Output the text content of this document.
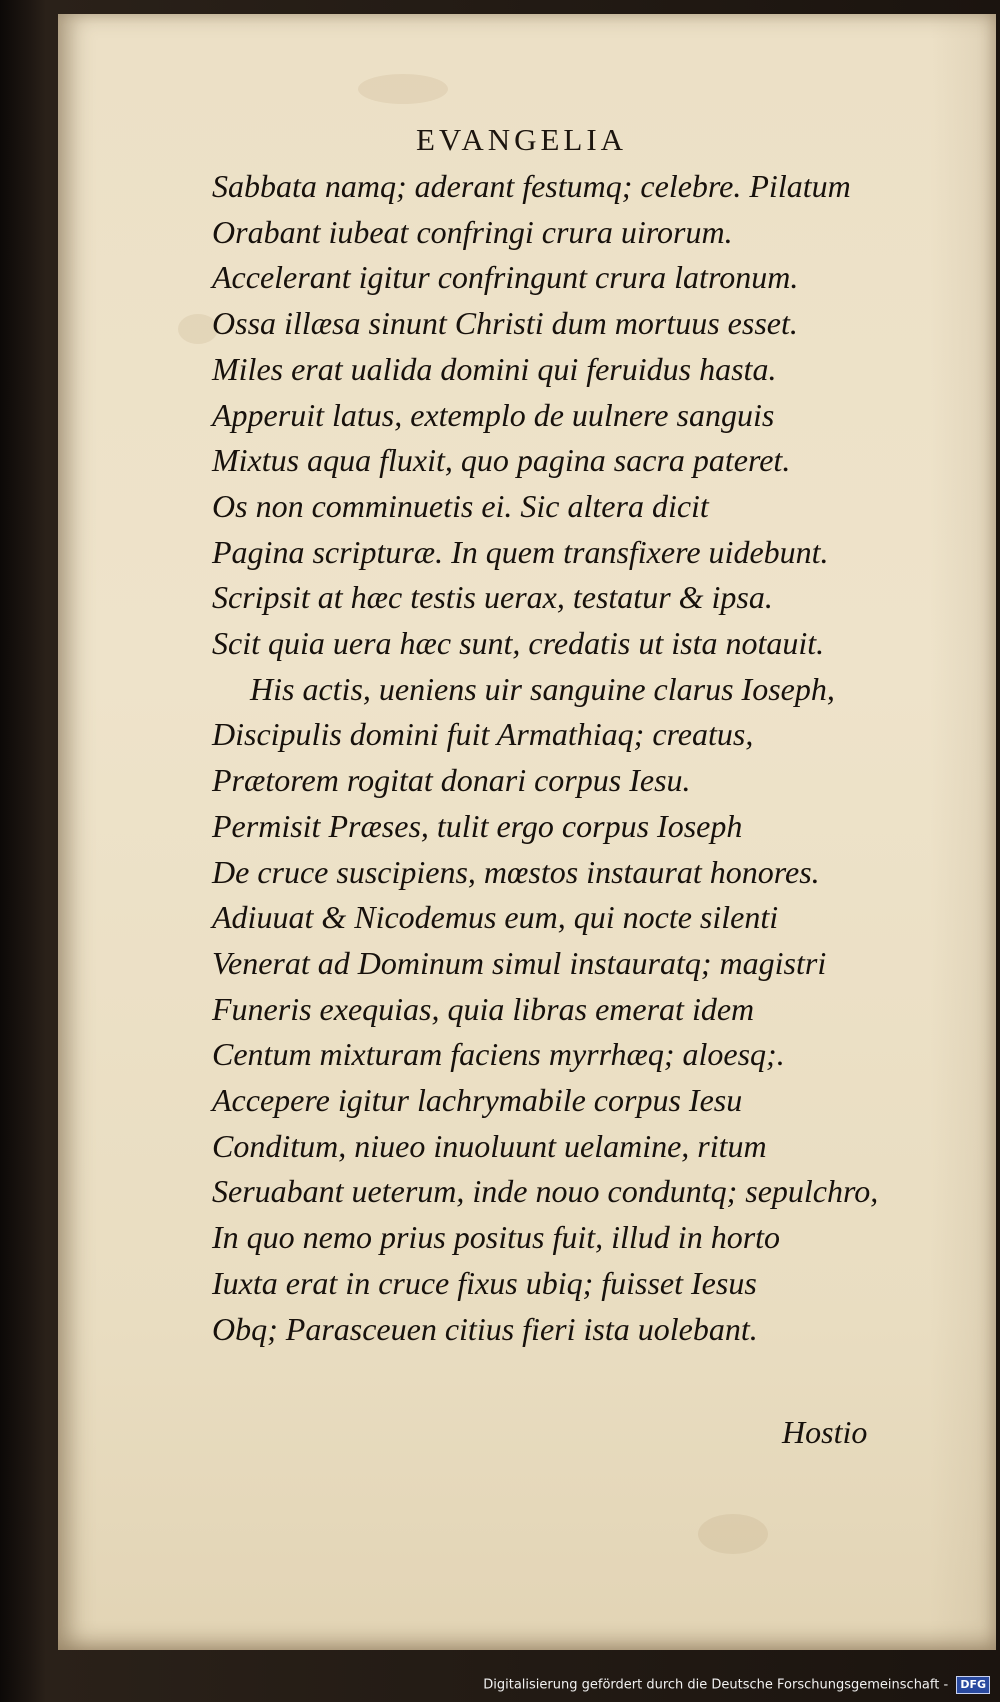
EVANGELIA
Sabbata namq; aderant festumq; celebre. Pilatum
Orabant iubeat confringi crura uirorum.
Accelerant igitur confringunt crura latronum.
Ossa illæsa sinunt Christi dum mortuus esset.
Miles erat ualida domini qui feruidus hasta.
Apperuit latus, extemplo de uulnere sanguis
Mixtus aqua fluxit, quo pagina sacra pateret.
Os non comminuetis ei. Sic altera dicit
Pagina scripturæ. In quem transfixere uidebunt.
Scripsit at hæc testis uerax, testatur & ipsa.
Scit quia uera hæc sunt, credatis ut ista notauit.
His actis, ueniens uir sanguine clarus Ioseph,
Discipulis domini fuit Armathiaq; creatus,
Prætorem rogitat donari corpus Iesu.
Permisit Præses, tulit ergo corpus Ioseph
De cruce suscipiens, mœstos instaurat honores.
Adiuuat & Nicodemus eum, qui nocte silenti
Venerat ad Dominum simul instauratq; magistri
Funeris exequias, quia libras emerat idem
Centum mixturam faciens myrrhæq; aloesq;.
Accepere igitur lachrymabile corpus Iesu
Conditum, niueo inuoluunt uelamine, ritum
Seruabant ueterum, inde nouo conduntq; sepulchro,
In quo nemo prius positus fuit, illud in horto
Iuxta erat in cruce fixus ubiq; fuisset Iesus
Obq; Parasceuen citius fieri ista uolebant.
Hostio
Digitalisierung gefördert durch die Deutsche Forschungsgemeinschaft - DFG
